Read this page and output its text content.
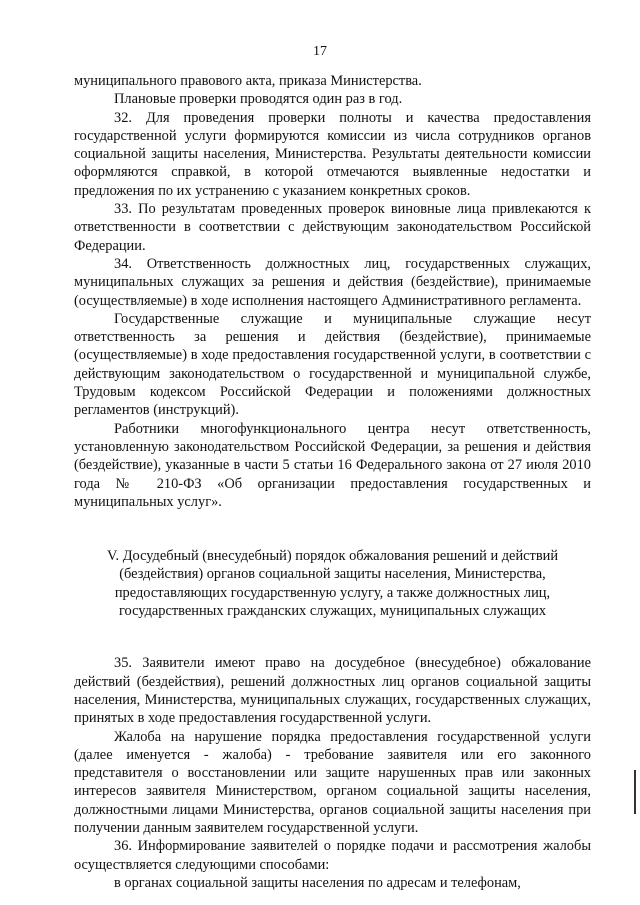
17

муниципального правового акта, приказа Министерства.

Плановые проверки проводятся один раз в год.

32. Для проведения проверки полноты и качества предоставления государственной услуги формируются комиссии из числа сотрудников органов социальной защиты населения, Министерства. Результаты деятельности комиссии оформляются справкой, в которой отмечаются выявленные недостатки и предложения по их устранению с указанием конкретных сроков.

33. По результатам проведенных проверок виновные лица привлекаются к ответственности в соответствии с действующим законодательством Российской Федерации.

34. Ответственность должностных лиц, государственных служащих, муниципальных служащих за решения и действия (бездействие), принимаемые (осуществляемые) в ходе исполнения настоящего Административного регламента.

Государственные служащие и муниципальные служащие несут ответственность за решения и действия (бездействие), принимаемые (осуществляемые) в ходе предоставления государственной услуги, в соответствии с действующим законодательством о государственной и муниципальной службе, Трудовым кодексом Российской Федерации и положениями должностных регламентов (инструкций).

Работники многофункционального центра несут ответственность, установленную законодательством Российской Федерации, за решения и действия (бездействие), указанные в части 5 статьи 16 Федерального закона от 27 июля 2010 года № 210-ФЗ «Об организации предоставления государственных и муниципальных услуг».

V. Досудебный (внесудебный) порядок обжалования решений и действий (бездействия) органов социальной защиты населения, Министерства, предоставляющих государственную услугу, а также должностных лиц, государственных гражданских служащих, муниципальных служащих

35. Заявители имеют право на досудебное (внесудебное) обжалование действий (бездействия), решений должностных лиц органов социальной защиты населения, Министерства, муниципальных служащих, государственных служащих, принятых в ходе предоставления государственной услуги.

Жалоба на нарушение порядка предоставления государственной услуги (далее именуется - жалоба) - требование заявителя или его законного представителя о восстановлении или защите нарушенных прав или законных интересов заявителя Министерством, органом социальной защиты населения, должностными лицами Министерства, органов социальной защиты населения при получении данным заявителем государственной услуги.

36. Информирование заявителей о порядке подачи и рассмотрения жалобы осуществляется следующими способами:

в органах социальной защиты населения по адресам и телефонам,
